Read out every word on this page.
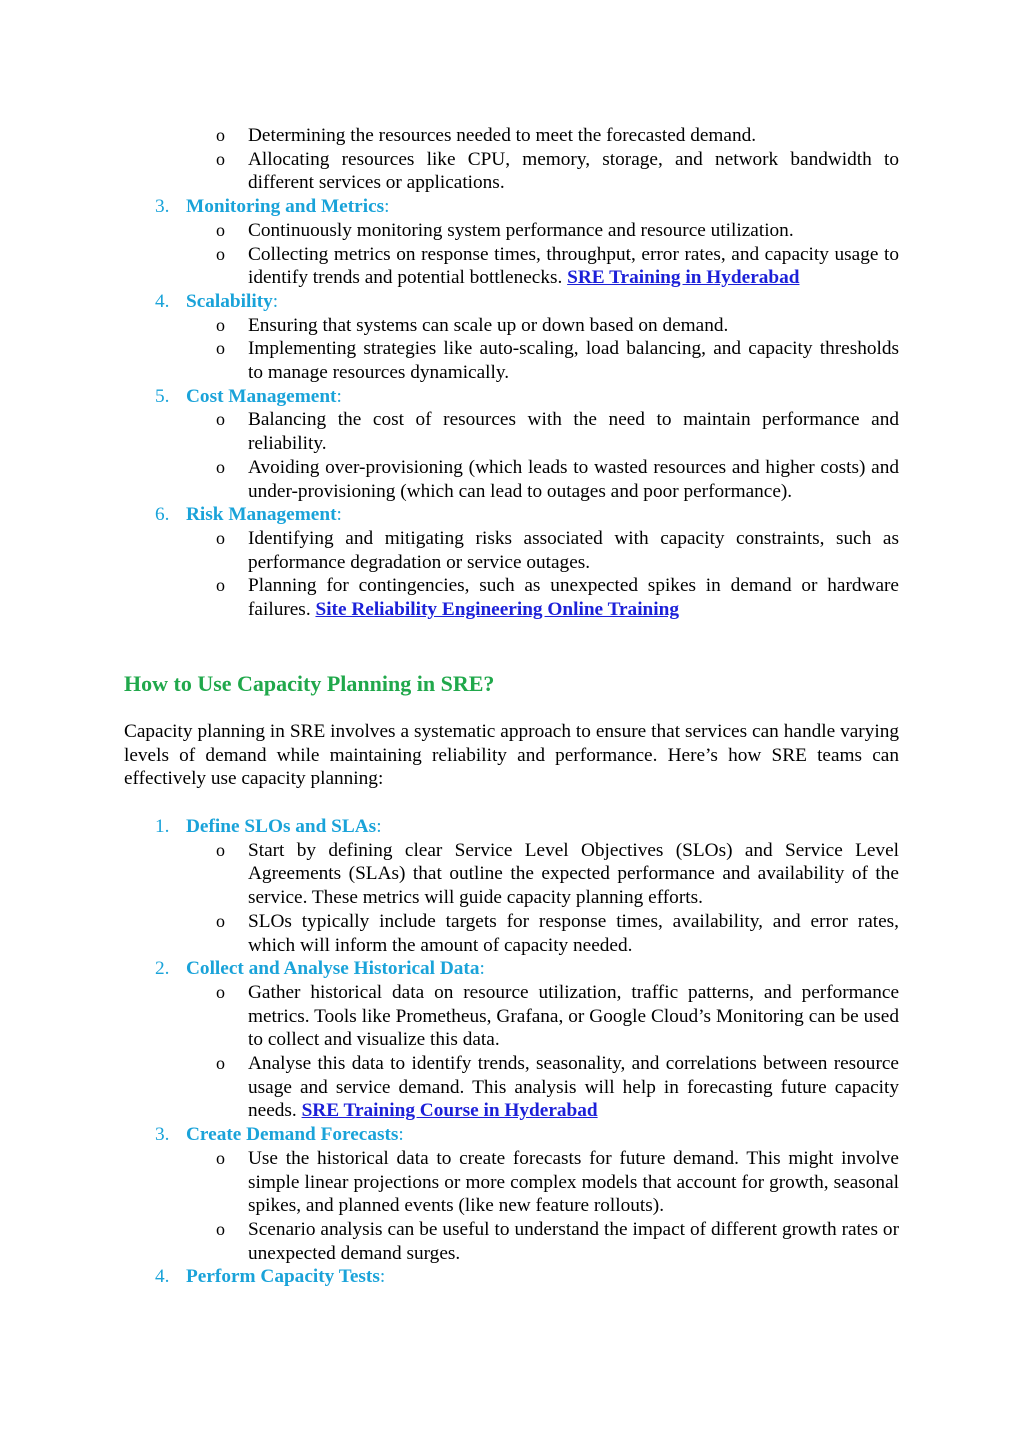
o	Determining the resources needed to meet the forecasted demand.
o	Allocating resources like CPU, memory, storage, and network bandwidth to different services or applications.
3. Monitoring and Metrics:
o	Continuously monitoring system performance and resource utilization.
o	Collecting metrics on response times, throughput, error rates, and capacity usage to identify trends and potential bottlenecks. SRE Training in Hyderabad
4. Scalability:
o	Ensuring that systems can scale up or down based on demand.
o	Implementing strategies like auto-scaling, load balancing, and capacity thresholds to manage resources dynamically.
5. Cost Management:
o	Balancing the cost of resources with the need to maintain performance and reliability.
o	Avoiding over-provisioning (which leads to wasted resources and higher costs) and under-provisioning (which can lead to outages and poor performance).
6. Risk Management:
o	Identifying and mitigating risks associated with capacity constraints, such as performance degradation or service outages.
o	Planning for contingencies, such as unexpected spikes in demand or hardware failures. Site Reliability Engineering Online Training
How to Use Capacity Planning in SRE?

Capacity planning in SRE involves a systematic approach to ensure that services can handle varying levels of demand while maintaining reliability and performance. Here’s how SRE teams can effectively use capacity planning:

1. Define SLOs and SLAs:
o	Start by defining clear Service Level Objectives (SLOs) and Service Level Agreements (SLAs) that outline the expected performance and availability of the service. These metrics will guide capacity planning efforts.
o	SLOs typically include targets for response times, availability, and error rates, which will inform the amount of capacity needed.
2. Collect and Analyse Historical Data:
o	Gather historical data on resource utilization, traffic patterns, and performance metrics. Tools like Prometheus, Grafana, or Google Cloud’s Monitoring can be used to collect and visualize this data.
o	Analyse this data to identify trends, seasonality, and correlations between resource usage and service demand. This analysis will help in forecasting future capacity needs. SRE Training Course in Hyderabad
3. Create Demand Forecasts:
o	Use the historical data to create forecasts for future demand. This might involve simple linear projections or more complex models that account for growth, seasonal spikes, and planned events (like new feature rollouts).
o	Scenario analysis can be useful to understand the impact of different growth rates or unexpected demand surges.
4. Perform Capacity Tests:
